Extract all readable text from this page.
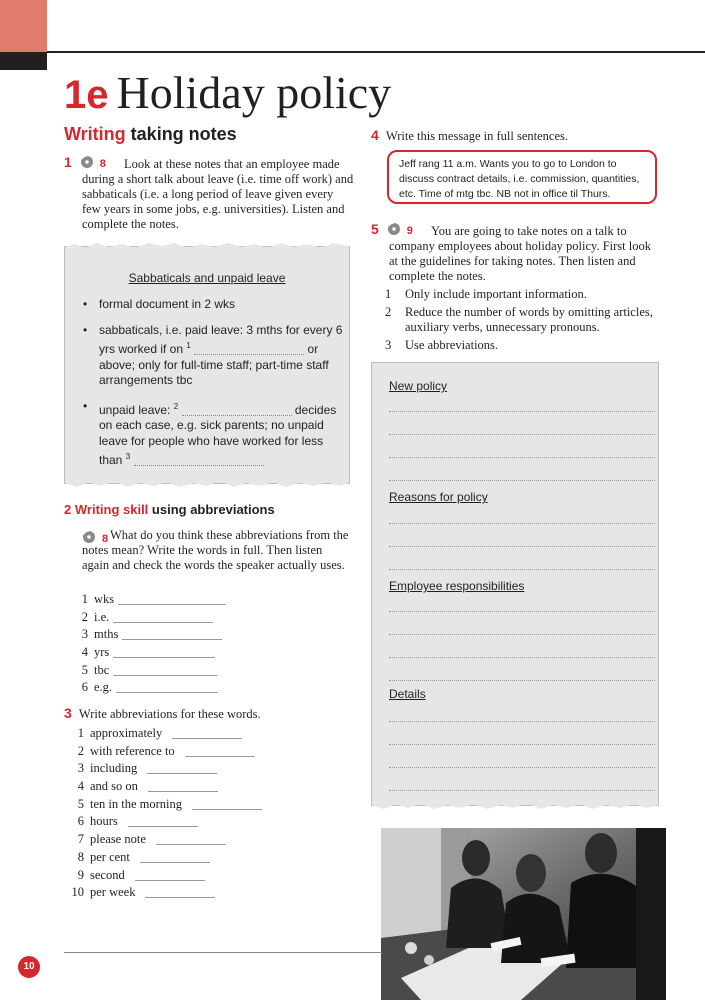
1e Holiday policy
Writing taking notes
1	8	Look at these notes that an employee made during a short talk about leave (i.e. time off work) and sabbaticals (i.e. a long period of leave given every few years in some jobs, e.g. universities). Listen and complete the notes.
Sabbaticals and unpaid leave
• formal document in 2 wks
• sabbaticals, i.e. paid leave: 3 mths for every 6 yrs worked if on $^1$	or above; only for full-time staff; part-time staff arrangements tbc
• unpaid leave: $^2$	decides on each case, e.g. sick parents; no unpaid leave for people who have worked for less than $^3$
2 Writing skill using abbreviations
8 What do you think these abbreviations from the notes mean? Write the words in full. Then listen again and check the words the speaker actually uses.
1 wks
2 i.e.
3 mths
4 yrs
5 tbc
6 e.g.
3 Write abbreviations for these words.
1 approximately
2 with reference to
3 including
4 and so on
5 ten in the morning
6 hours
7 please note
8 per cent
9 second
10 per week
4 Write this message in full sentences.
Jeff rang 11 a.m. Wants you to go to London to discuss contract details, i.e. commission, quantities, etc. Time of mtg tbc. NB not in office til Thurs.
5	9	You are going to take notes on a talk to company employees about holiday policy. First look at the guidelines for taking notes. Then listen and complete the notes.
1 Only include important information.
2 Reduce the number of words by omitting articles, auxiliary verbs, unnecessary pronouns.
3 Use abbreviations.
New policy
Reasons for policy
Employee responsibilities
Details
10
